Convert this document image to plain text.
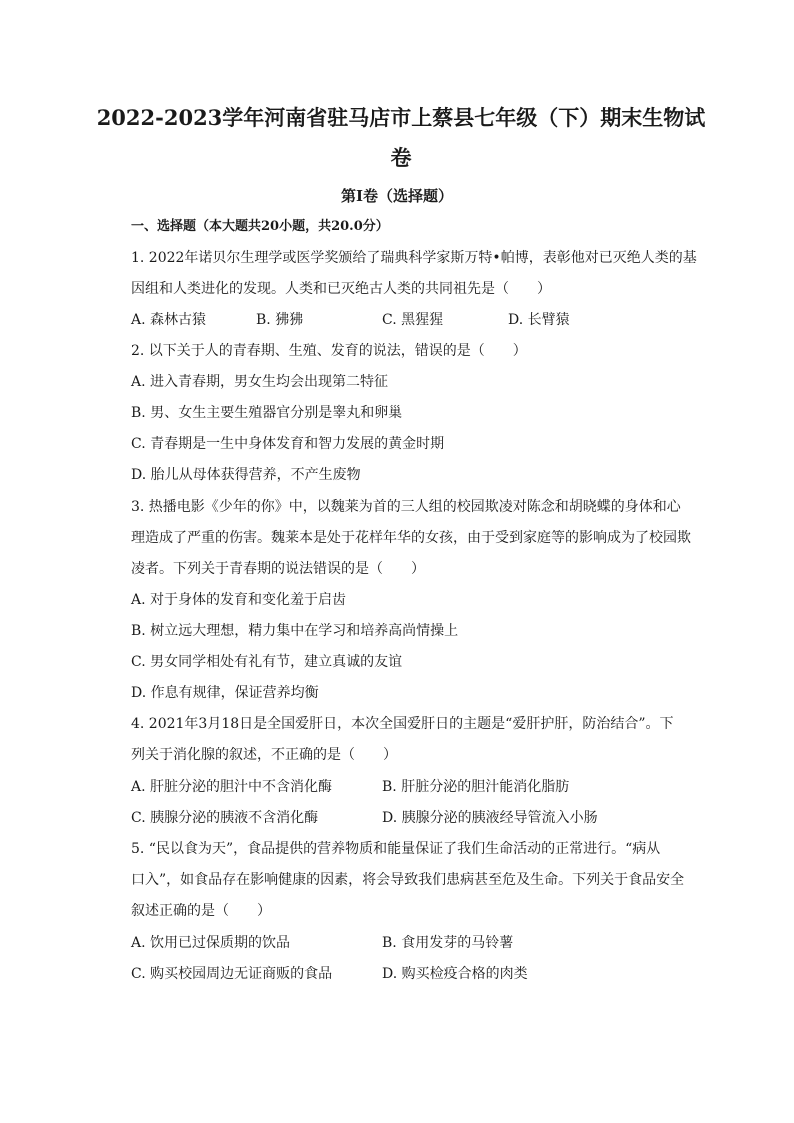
2022-2023学年河南省驻马店市上蔡县七年级（下）期末生物试
卷
第I卷（选择题）
一、选择题（本大题共20小题，共20.0分）
1. 2022年诺贝尔生理学或医学奖颁给了瑞典科学家斯万特•帕博，表彰他对已灭绝人类的基
因组和人类进化的发现。人类和已灭绝古人类的共同祖先是（　　）
A. 森林古猿	B. 狒狒	C. 黑猩猩	D. 长臂猿
2. 以下关于人的青春期、生殖、发育的说法，错误的是（　　）
A. 进入青春期，男女生均会出现第二特征
B. 男、女生主要生殖器官分别是睾丸和卵巢
C. 青春期是一生中身体发育和智力发展的黄金时期
D. 胎儿从母体获得营养，不产生废物
3. 热播电影《少年的你》中，以魏莱为首的三人组的校园欺凌对陈念和胡晓蝶的身体和心
理造成了严重的伤害。魏莱本是处于花样年华的女孩，由于受到家庭等的影响成为了校园欺
凌者。下列关于青春期的说法错误的是（　　）
A. 对于身体的发育和变化羞于启齿
B. 树立远大理想，精力集中在学习和培养高尚情操上
C. 男女同学相处有礼有节，建立真诚的友谊
D. 作息有规律，保证营养均衡
4. 2021年3月18日是全国爱肝日，本次全国爱肝日的主题是“爱肝护肝，防治结合”。下
列关于消化腺的叙述，不正确的是（　　）
A. 肝脏分泌的胆汁中不含消化酶	B. 肝脏分泌的胆汁能消化脂肪
C. 胰腺分泌的胰液不含消化酶	D. 胰腺分泌的胰液经导管流入小肠
5. “民以食为天”，食品提供的营养物质和能量保证了我们生命活动的正常进行。“病从
口入”，如食品存在影响健康的因素，将会导致我们患病甚至危及生命。下列关于食品安全
叙述正确的是（　　）
A. 饮用已过保质期的饮品	B. 食用发芽的马铃薯
C. 购买校园周边无证商贩的食品	D. 购买检疫合格的肉类
